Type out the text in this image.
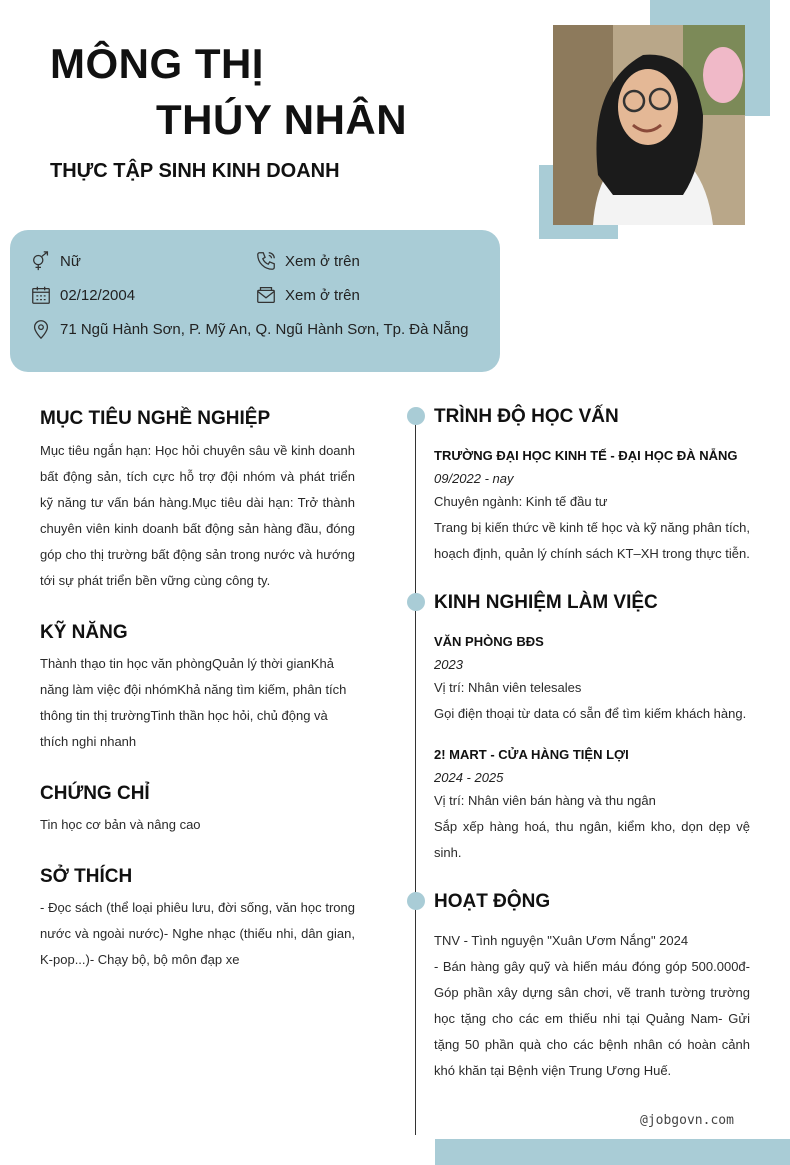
MÔNG THỊ
THÚY NHÂN
THỰC TẬP SINH KINH DOANH
Nữ	Xem ở trên
02/12/2004	Xem ở trên
71 Ngũ Hành Sơn, P. Mỹ An, Q. Ngũ Hành Sơn, Tp. Đà Nẵng
MỤC TIÊU NGHỀ NGHIỆP
Mục tiêu ngắn hạn: Học hỏi chuyên sâu về kinh doanh bất động sản, tích cực hỗ trợ đội nhóm và phát triển kỹ năng tư vấn bán hàng.Mục tiêu dài hạn: Trở thành chuyên viên kinh doanh bất động sản hàng đầu, đóng góp cho thị trường bất động sản trong nước và hướng tới sự phát triển bền vững cùng công ty.
KỸ NĂNG
Thành thạo tin học văn phòngQuản lý thời gianKhả năng làm việc đội nhómKhả năng tìm kiếm, phân tích thông tin thị trườngTinh thần học hỏi, chủ động và thích nghi nhanh
CHỨNG CHỈ
Tin học cơ bản và nâng cao
SỞ THÍCH
- Đọc sách (thể loại phiêu lưu, đời sống, văn học trong nước và ngoài nước)- Nghe nhạc (thiếu nhi, dân gian, K-pop...)- Chạy bộ, bộ môn đạp xe
TRÌNH ĐỘ HỌC VẤN
TRƯỜNG ĐẠI HỌC KINH TẾ - ĐẠI HỌC ĐÀ NẴNG
09/2022 - nay
Chuyên ngành: Kinh tế đầu tư
Trang bị kiến thức về kinh tế học và kỹ năng phân tích, hoạch định, quản lý chính sách KT–XH trong thực tiễn.
KINH NGHIỆM LÀM VIỆC
VĂN PHÒNG BĐS
2023
Vị trí: Nhân viên telesales
Gọi điện thoại từ data có sẵn để tìm kiếm khách hàng.
2! MART - CỬA HÀNG TIỆN LỢI
2024 - 2025
Vị trí: Nhân viên bán hàng và thu ngân
Sắp xếp hàng hoá, thu ngân, kiểm kho, dọn dẹp vệ sinh.
HOẠT ĐỘNG
TNV - Tình nguyện "Xuân Ươm Nắng" 2024
- Bán hàng gây quỹ và hiến máu đóng góp 500.000đ- Góp phần xây dựng sân chơi, vẽ tranh tường trường học tặng cho các em thiếu nhi tại Quảng Nam- Gửi tặng 50 phần quà cho các bệnh nhân có hoàn cảnh khó khăn tại Bệnh viện Trung Ương Huế.
@jobgovn.com
